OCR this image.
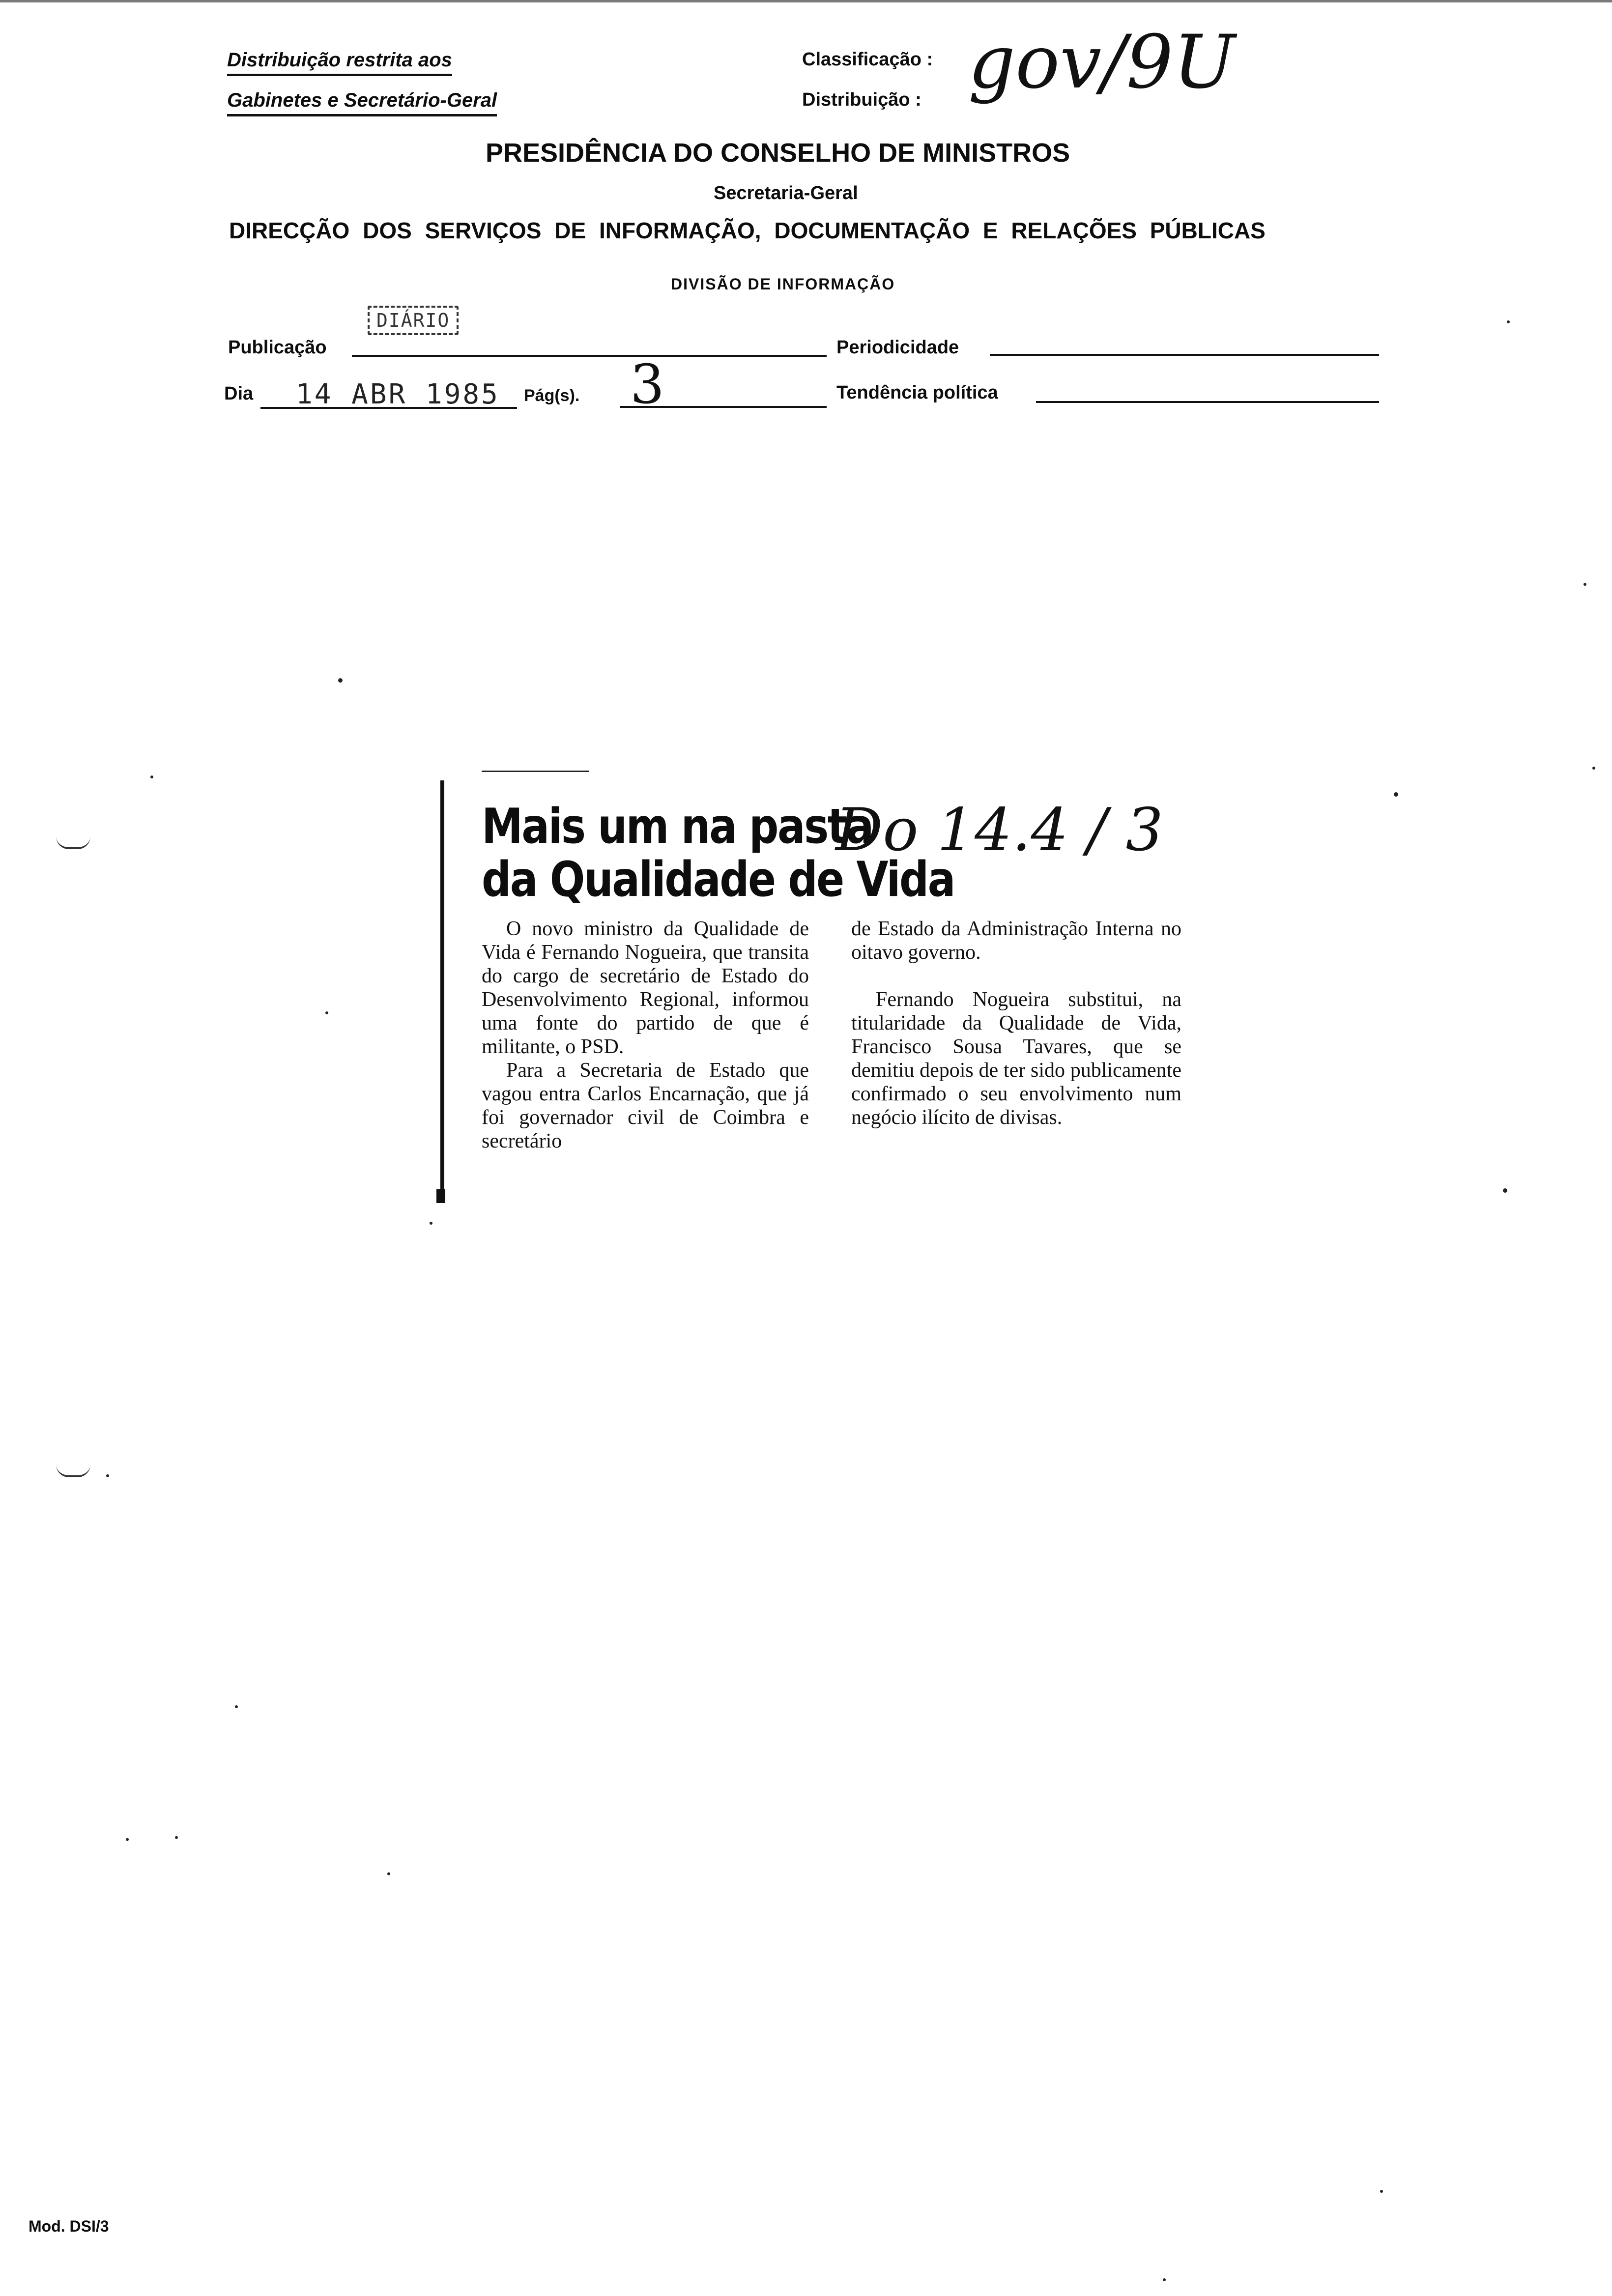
Distribuição restrita aos
Gabinetes e Secretário-Geral
Classificação :
Distribuição : gov/9U
PRESIDÊNCIA DO CONSELHO DE MINISTROS
Secretaria-Geral
DIRECÇÃO DOS SERVIÇOS DE INFORMAÇÃO, DOCUMENTAÇÃO E RELAÇÕES PÚBLICAS
DIVISÃO DE INFORMAÇÃO
Publicação
DIÁRIO
Periodicidade
Dia 14 ABR 1985 Pág(s). 3	Tendência política
Mais um na pasta
da Qualidade de Vida
Do 14.4 / 3

O novo ministro da Qualidade de Vida é Fernando Nogueira, que transita do cargo de secretário de Estado do Desenvolvimento Regional, informou uma fonte do partido de que é militante, o PSD.

Para a Secretaria de Estado que vagou entra Carlos Encarnação, que já foi governador civil de Coimbra e secretário

de Estado da Administração Interna no oitavo governo.

Fernando Nogueira substitui, na titularidade da Qualidade de Vida, Francisco Sousa Tavares, que se demitiu depois de ter sido publicamente confirmado o seu envolvimento num negócio ilícito de divisas.

Mod. DSI/3
